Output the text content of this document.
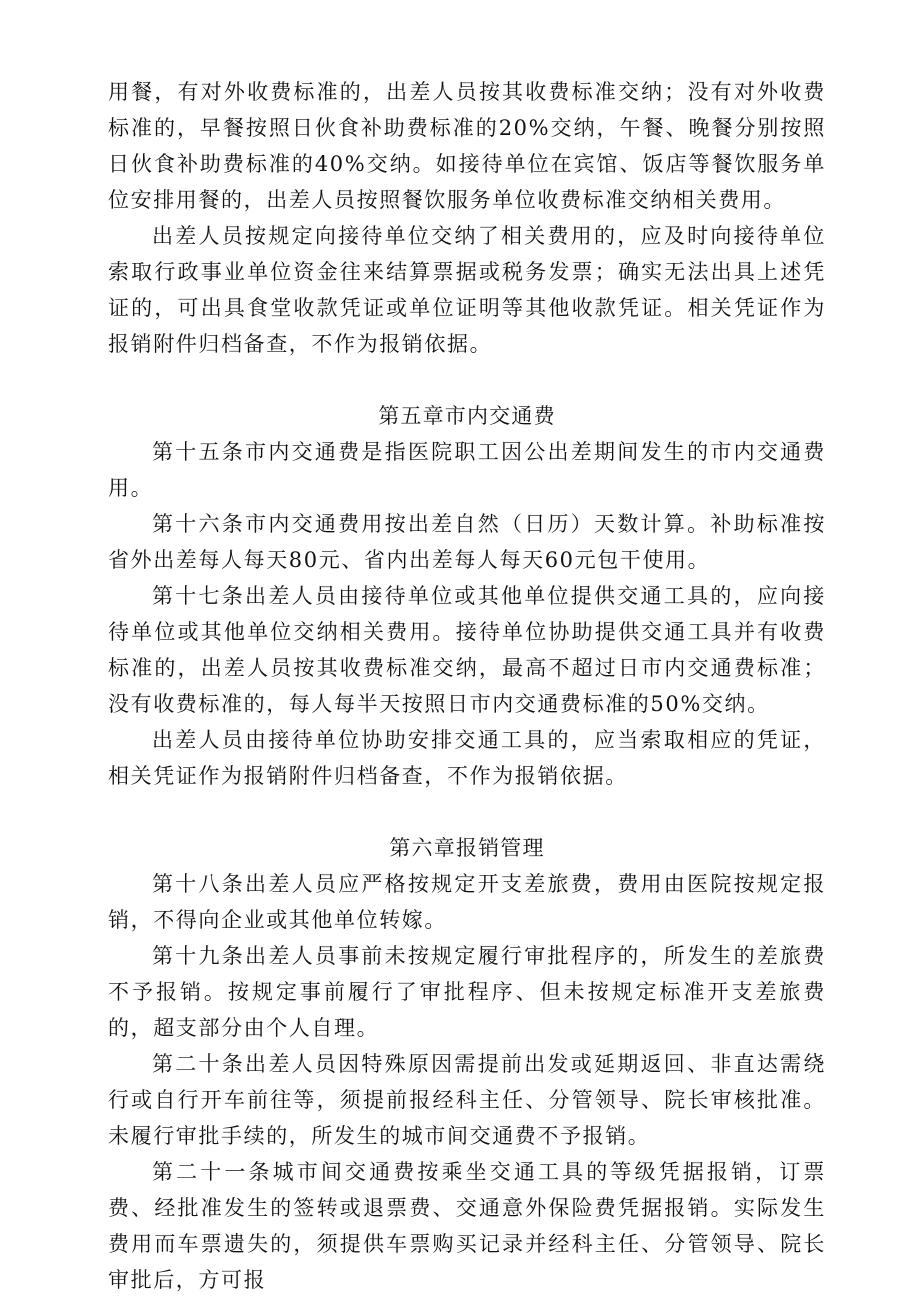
用餐，有对外收费标准的，出差人员按其收费标准交纳；没有对外收费标准的，早餐按照日伙食补助费标准的20%交纳，午餐、晚餐分别按照日伙食补助费标准的40%交纳。如接待单位在宾馆、饭店等餐饮服务单位安排用餐的，出差人员按照餐饮服务单位收费标准交纳相关费用。

出差人员按规定向接待单位交纳了相关费用的，应及时向接待单位索取行政事业单位资金往来结算票据或税务发票；确实无法出具上述凭证的，可出具食堂收款凭证或单位证明等其他收款凭证。相关凭证作为报销附件归档备查，不作为报销依据。

第五章市内交通费

第十五条市内交通费是指医院职工因公出差期间发生的市内交通费用。

第十六条市内交通费用按出差自然（日历）天数计算。补助标准按省外出差每人每天80元、省内出差每人每天60元包干使用。

第十七条出差人员由接待单位或其他单位提供交通工具的，应向接待单位或其他单位交纳相关费用。接待单位协助提供交通工具并有收费标准的，出差人员按其收费标准交纳，最高不超过日市内交通费标准；没有收费标准的，每人每半天按照日市内交通费标准的50%交纳。

出差人员由接待单位协助安排交通工具的，应当索取相应的凭证，相关凭证作为报销附件归档备查，不作为报销依据。

第六章报销管理

第十八条出差人员应严格按规定开支差旅费，费用由医院按规定报销，不得向企业或其他单位转嫁。

第十九条出差人员事前未按规定履行审批程序的，所发生的差旅费不予报销。按规定事前履行了审批程序、但未按规定标准开支差旅费的，超支部分由个人自理。

第二十条出差人员因特殊原因需提前出发或延期返回、非直达需绕行或自行开车前往等，须提前报经科主任、分管领导、院长审核批准。未履行审批手续的，所发生的城市间交通费不予报销。

第二十一条城市间交通费按乘坐交通工具的等级凭据报销，订票费、经批准发生的签转或退票费、交通意外保险费凭据报销。实际发生费用而车票遗失的，须提供车票购买记录并经科主任、分管领导、院长审批后，方可报
